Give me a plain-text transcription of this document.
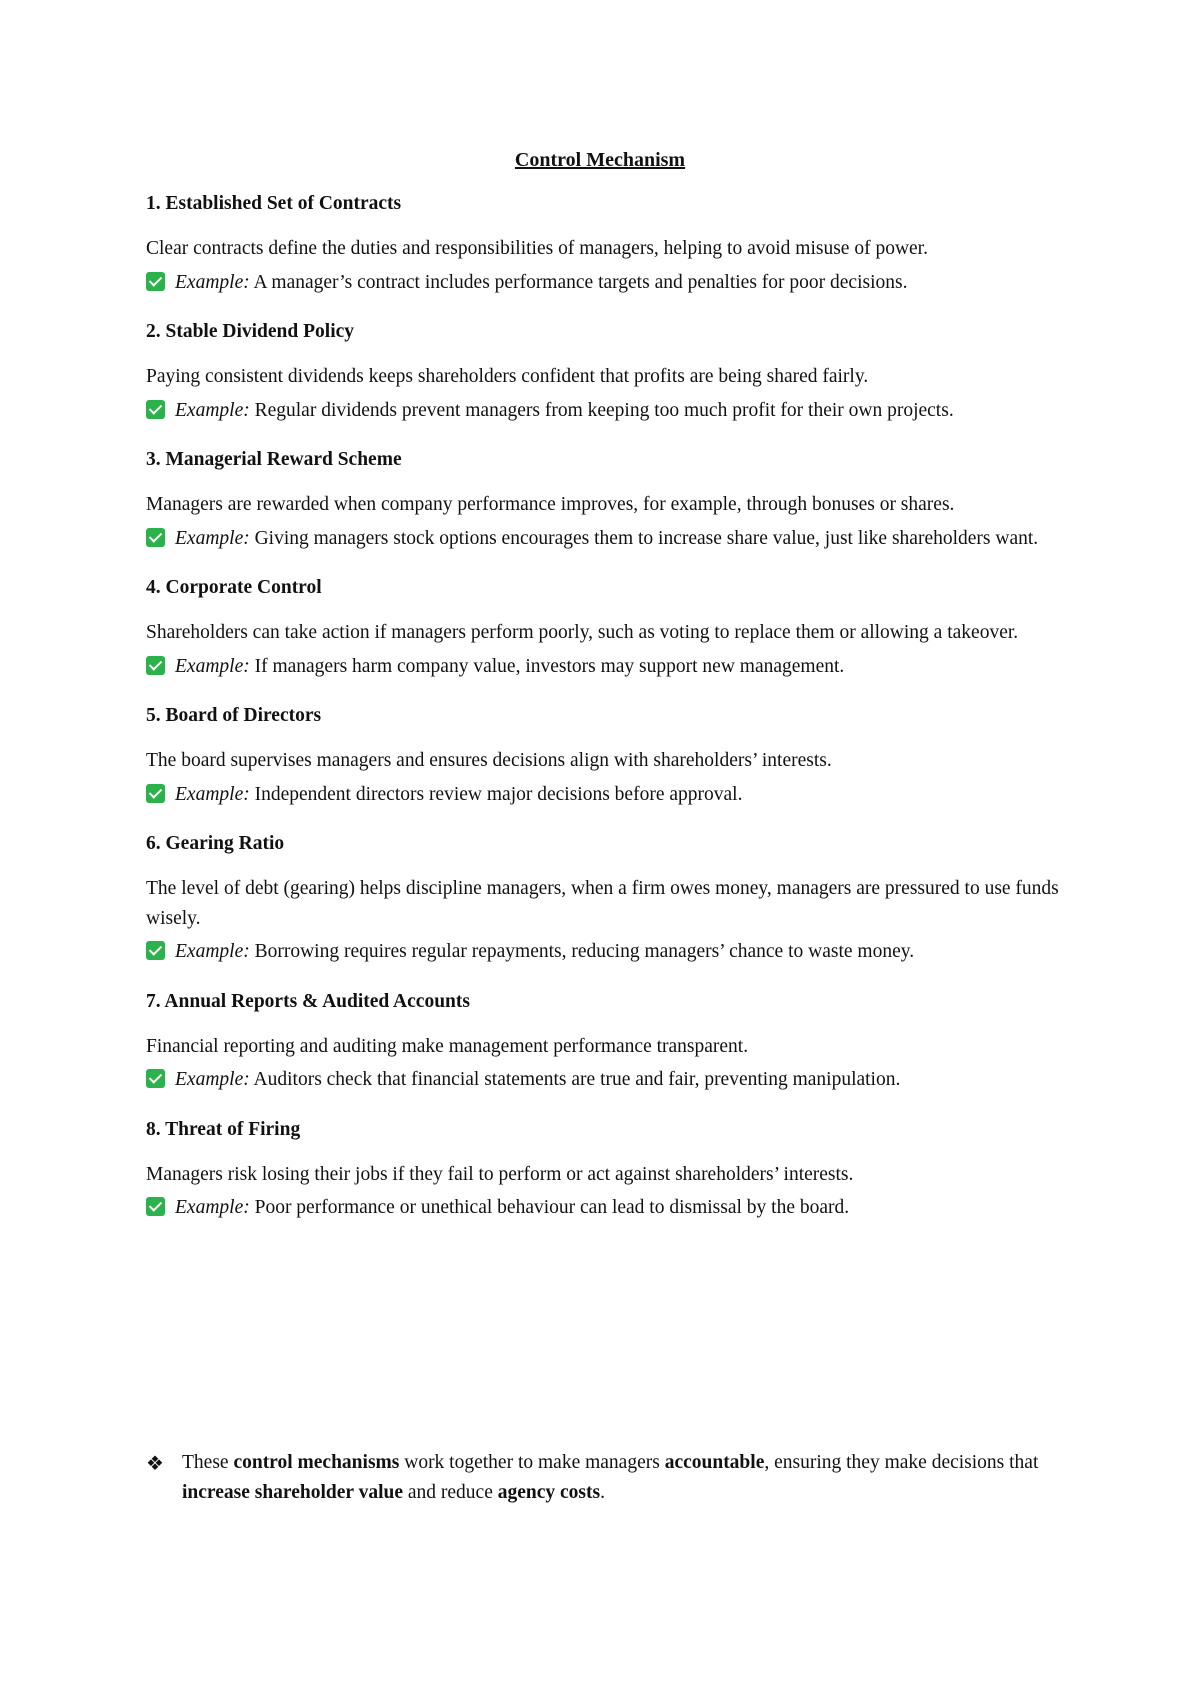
Control Mechanism
1. Established Set of Contracts

Clear contracts define the duties and responsibilities of managers, helping to avoid misuse of power.

Example: A manager’s contract includes performance targets and penalties for poor decisions.

2. Stable Dividend Policy

Paying consistent dividends keeps shareholders confident that profits are being shared fairly.

Example: Regular dividends prevent managers from keeping too much profit for their own projects.

3. Managerial Reward Scheme

Managers are rewarded when company performance improves, for example, through bonuses or shares.

Example: Giving managers stock options encourages them to increase share value, just like shareholders want.

4. Corporate Control

Shareholders can take action if managers perform poorly, such as voting to replace them or allowing a takeover.

Example: If managers harm company value, investors may support new management.

5. Board of Directors

The board supervises managers and ensures decisions align with shareholders’ interests.

Example: Independent directors review major decisions before approval.

6. Gearing Ratio

The level of debt (gearing) helps discipline managers, when a firm owes money, managers are pressured to use funds wisely.

Example: Borrowing requires regular repayments, reducing managers’ chance to waste money.

7. Annual Reports & Audited Accounts

Financial reporting and auditing make management performance transparent.

Example: Auditors check that financial statements are true and fair, preventing manipulation.

8. Threat of Firing

Managers risk losing their jobs if they fail to perform or act against shareholders’ interests.

Example: Poor performance or unethical behaviour can lead to dismissal by the board.

❖ These control mechanisms work together to make managers accountable, ensuring they make decisions that increase shareholder value and reduce agency costs.
